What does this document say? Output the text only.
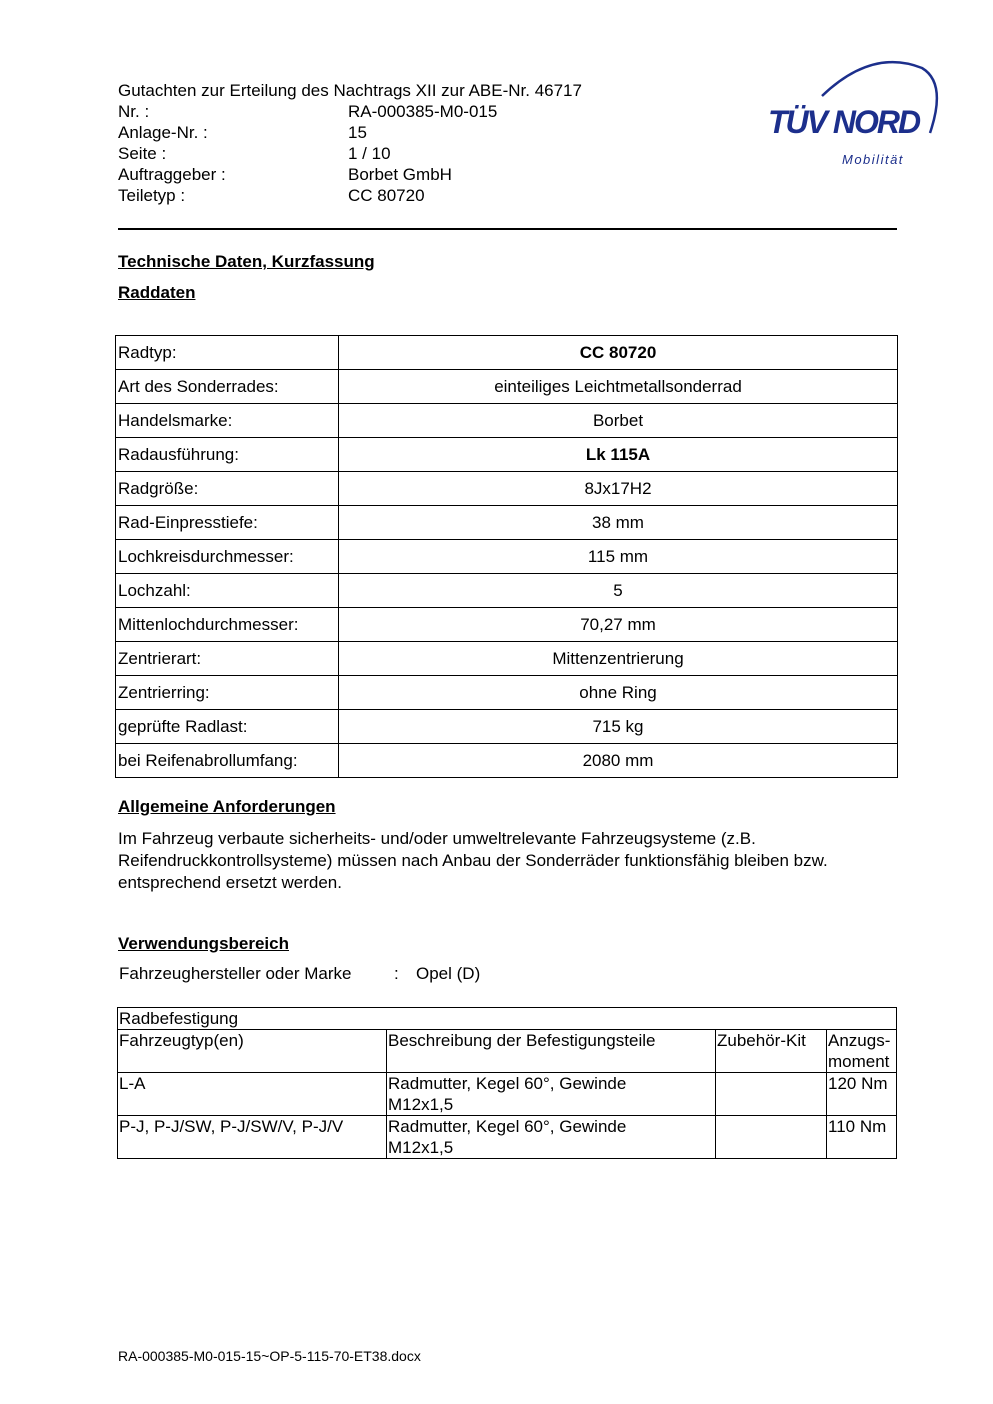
Gutachten zur Erteilung des Nachtrags XII zur ABE-Nr. 46717
Nr. :	RA-000385-M0-015
Anlage-Nr. :	15
Seite :	1 / 10
Auftraggeber :	Borbet GmbH
Teiletyp :	CC 80720
TÜV NORD
Mobilität
Technische Daten, Kurzfassung
Raddaten
Radtyp:	CC 80720
Art des Sonderrades:	einteiliges Leichtmetallsonderrad
Handelsmarke:	Borbet
Radausführung:	Lk 115A
Radgröße:	8Jx17H2
Rad-Einpresstiefe:	38 mm
Lochkreisdurchmesser:	115 mm
Lochzahl:	5
Mittenlochdurchmesser:	70,27 mm
Zentrierart:	Mittenzentrierung
Zentrierring:	ohne Ring
geprüfte Radlast:	715 kg
bei Reifenabrollumfang:	2080 mm
Allgemeine Anforderungen
Im Fahrzeug verbaute sicherheits- und/oder umweltrelevante Fahrzeugsysteme (z.B.
Reifendruckkontrollsysteme) müssen nach Anbau der Sonderräder funktionsfähig bleiben bzw.
entsprechend ersetzt werden.
Verwendungsbereich
Fahrzeughersteller oder Marke	: Opel (D)
Radbefestigung			
Fahrzeugtyp(en)	Beschreibung der Befestigungsteile	Zubehör-Kit	Anzugs-
moment

L-A	Radmutter, Kegel 60°, Gewinde
M12x1,5		120 Nm
P-J, P-J/SW, P-J/SW/V, P-J/V	Radmutter, Kegel 60°, Gewinde
M12x1,5		110 Nm
RA-000385-M0-015-15~OP-5-115-70-ET38.docx
